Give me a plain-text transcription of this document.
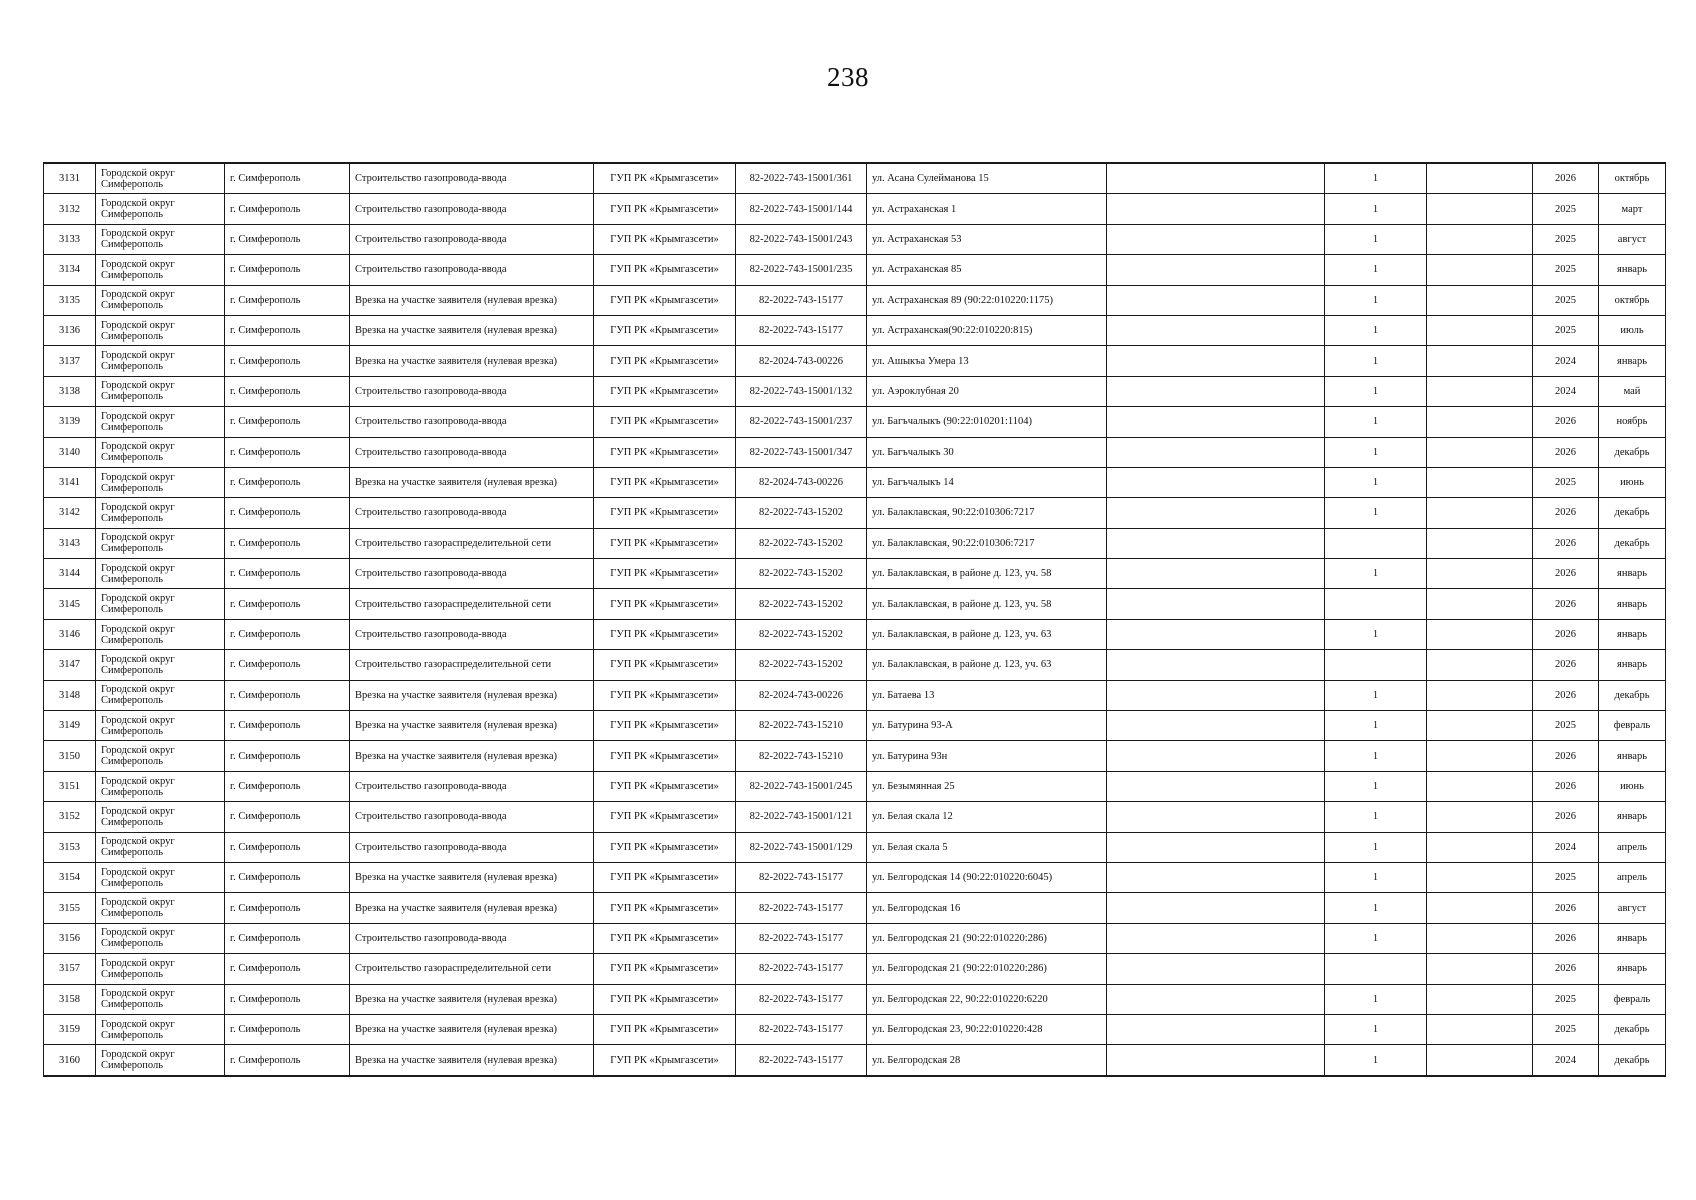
238
3131	Городской округ Симферополь	г. Симферополь	Строительство газопровода-ввода	ГУП РК «Крымгазсети»	82-2022-743-15001/361	ул. Асана Сулейманова 15		1		2026	октябрь
3132	Городской округ Симферополь	г. Симферополь	Строительство газопровода-ввода	ГУП РК «Крымгазсети»	82-2022-743-15001/144	ул. Астраханская 1		1		2025	март
3133	Городской округ Симферополь	г. Симферополь	Строительство газопровода-ввода	ГУП РК «Крымгазсети»	82-2022-743-15001/243	ул. Астраханская 53		1		2025	август
3134	Городской округ Симферополь	г. Симферополь	Строительство газопровода-ввода	ГУП РК «Крымгазсети»	82-2022-743-15001/235	ул. Астраханская 85		1		2025	январь
3135	Городской округ Симферополь	г. Симферополь	Врезка на участке заявителя (нулевая врезка)	ГУП РК «Крымгазсети»	82-2022-743-15177	ул. Астраханская 89 (90:22:010220:1175)		1		2025	октябрь
3136	Городской округ Симферополь	г. Симферополь	Врезка на участке заявителя (нулевая врезка)	ГУП РК «Крымгазсети»	82-2022-743-15177	ул. Астраханская(90:22:010220:815)		1		2025	июль
3137	Городской округ Симферополь	г. Симферополь	Врезка на участке заявителя (нулевая врезка)	ГУП РК «Крымгазсети»	82-2024-743-00226	ул. Ашыкъа Умера 13		1		2024	январь
3138	Городской округ Симферополь	г. Симферополь	Строительство газопровода-ввода	ГУП РК «Крымгазсети»	82-2022-743-15001/132	ул. Аэроклубная 20		1		2024	май
3139	Городской округ Симферополь	г. Симферополь	Строительство газопровода-ввода	ГУП РК «Крымгазсети»	82-2022-743-15001/237	ул. Багъчалыкъ (90:22:010201:1104)		1		2026	ноябрь
3140	Городской округ Симферополь	г. Симферополь	Строительство газопровода-ввода	ГУП РК «Крымгазсети»	82-2022-743-15001/347	ул. Багъчалыкъ 30		1		2026	декабрь
3141	Городской округ Симферополь	г. Симферополь	Врезка на участке заявителя (нулевая врезка)	ГУП РК «Крымгазсети»	82-2024-743-00226	ул. Багъчалыкъ 14		1		2025	июнь
3142	Городской округ Симферополь	г. Симферополь	Строительство газопровода-ввода	ГУП РК «Крымгазсети»	82-2022-743-15202	ул. Балаклавская, 90:22:010306:7217		1		2026	декабрь
3143	Городской округ Симферополь	г. Симферополь	Строительство газораспределительной сети	ГУП РК «Крымгазсети»	82-2022-743-15202	ул. Балаклавская, 90:22:010306:7217				2026	декабрь
3144	Городской округ Симферополь	г. Симферополь	Строительство газопровода-ввода	ГУП РК «Крымгазсети»	82-2022-743-15202	ул. Балаклавская, в районе д. 123, уч. 58		1		2026	январь
3145	Городской округ Симферополь	г. Симферополь	Строительство газораспределительной сети	ГУП РК «Крымгазсети»	82-2022-743-15202	ул. Балаклавская, в районе д. 123, уч. 58				2026	январь
3146	Городской округ Симферополь	г. Симферополь	Строительство газопровода-ввода	ГУП РК «Крымгазсети»	82-2022-743-15202	ул. Балаклавская, в районе д. 123, уч. 63		1		2026	январь
3147	Городской округ Симферополь	г. Симферополь	Строительство газораспределительной сети	ГУП РК «Крымгазсети»	82-2022-743-15202	ул. Балаклавская, в районе д. 123, уч. 63				2026	январь
3148	Городской округ Симферополь	г. Симферополь	Врезка на участке заявителя (нулевая врезка)	ГУП РК «Крымгазсети»	82-2024-743-00226	ул. Батаева 13		1		2026	декабрь
3149	Городской округ Симферополь	г. Симферополь	Врезка на участке заявителя (нулевая врезка)	ГУП РК «Крымгазсети»	82-2022-743-15210	ул. Батурина 93-А		1		2025	февраль
3150	Городской округ Симферополь	г. Симферополь	Врезка на участке заявителя (нулевая врезка)	ГУП РК «Крымгазсети»	82-2022-743-15210	ул. Батурина 93н		1		2026	январь
3151	Городской округ Симферополь	г. Симферополь	Строительство газопровода-ввода	ГУП РК «Крымгазсети»	82-2022-743-15001/245	ул. Безымянная 25		1		2026	июнь
3152	Городской округ Симферополь	г. Симферополь	Строительство газопровода-ввода	ГУП РК «Крымгазсети»	82-2022-743-15001/121	ул. Белая скала 12		1		2026	январь
3153	Городской округ Симферополь	г. Симферополь	Строительство газопровода-ввода	ГУП РК «Крымгазсети»	82-2022-743-15001/129	ул. Белая скала 5		1		2024	апрель
3154	Городской округ Симферополь	г. Симферополь	Врезка на участке заявителя (нулевая врезка)	ГУП РК «Крымгазсети»	82-2022-743-15177	ул. Белгородская 14 (90:22:010220:6045)		1		2025	апрель
3155	Городской округ Симферополь	г. Симферополь	Врезка на участке заявителя (нулевая врезка)	ГУП РК «Крымгазсети»	82-2022-743-15177	ул. Белгородская 16		1		2026	август
3156	Городской округ Симферополь	г. Симферополь	Строительство газопровода-ввода	ГУП РК «Крымгазсети»	82-2022-743-15177	ул. Белгородская 21 (90:22:010220:286)		1		2026	январь
3157	Городской округ Симферополь	г. Симферополь	Строительство газораспределительной сети	ГУП РК «Крымгазсети»	82-2022-743-15177	ул. Белгородская 21 (90:22:010220:286)				2026	январь
3158	Городской округ Симферополь	г. Симферополь	Врезка на участке заявителя (нулевая врезка)	ГУП РК «Крымгазсети»	82-2022-743-15177	ул. Белгородская 22, 90:22:010220:6220		1		2025	февраль
3159	Городской округ Симферополь	г. Симферополь	Врезка на участке заявителя (нулевая врезка)	ГУП РК «Крымгазсети»	82-2022-743-15177	ул. Белгородская 23, 90:22:010220:428		1		2025	декабрь
3160	Городской округ Симферополь	г. Симферополь	Врезка на участке заявителя (нулевая врезка)	ГУП РК «Крымгазсети»	82-2022-743-15177	ул. Белгородская 28		1		2024	декабрь
